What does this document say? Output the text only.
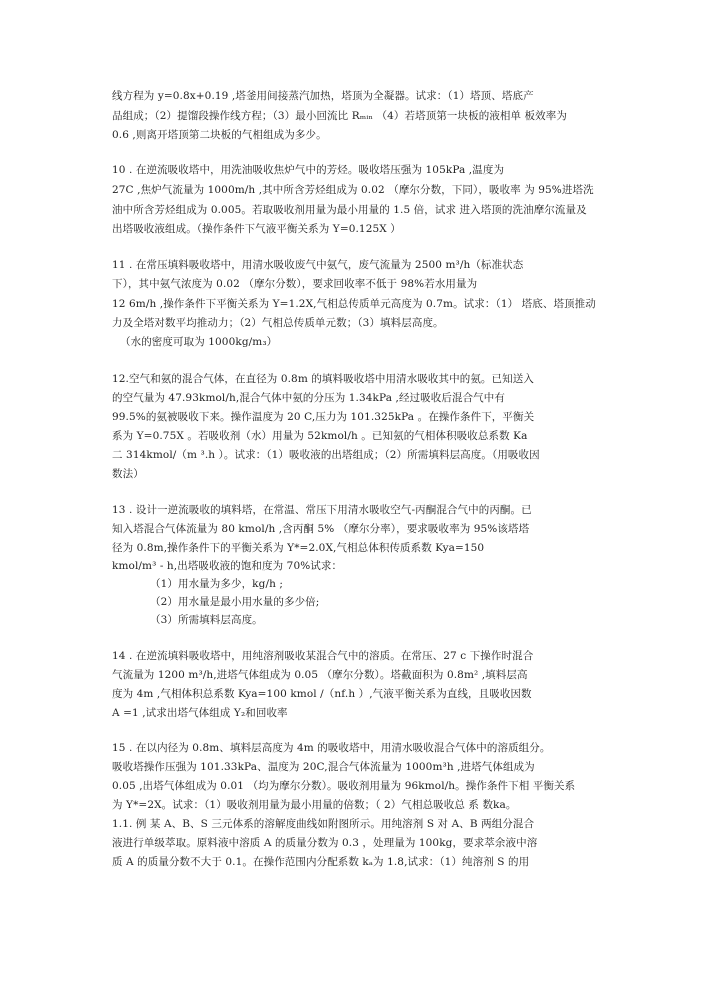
线方程为 y=0.8x+0.19 ,塔釜用间接蒸汽加热，塔顶为全凝器。试求：（1）塔顶、塔底产
品组成；（2）提馏段操作线方程；（3）最小回流比 Rₘᵢₙ （4）若塔顶第一块板的液相单 板效率为
0.6 ,则离开塔顶第二块板的气相组成为多少。
10 . 在逆流吸收塔中，用洗油吸收焦炉气中的芳烃。吸收塔压强为 105kPa ,温度为
27C ,焦炉气流量为 1000m/h ,其中所含芳烃组成为 0.02 （摩尔分数，下同），吸收率 为 95%进塔洗
油中所含芳烃组成为 0.005。若取吸收剂用量为最小用量的 1.5 倍，试求 进入塔顶的洗油摩尔流量及
出塔吸收液组成。（操作条件下气液平衡关系为 Y=0.125X ）
11 . 在常压填料吸收塔中，用清水吸收废气中氨气，废气流量为 2500 m³/h（标准状态
下），其中氨气浓度为 0.02 （摩尔分数），要求回收率不低于 98%若水用量为
12 6m/h ,操作条件下平衡关系为 Y=1.2X,气相总传质单元高度为 0.7m。试求：（1） 塔底、塔顶推动
力及全塔对数平均推动力；（2）气相总传质单元数；（3）填料层高度。
（水的密度可取为 1000kg/m₃）
12.空气和氨的混合气体，在直径为 0.8m 的填料吸收塔中用清水吸收其中的氨。已知送入
的空气量为 47.93kmol/h,混合气体中氨的分压为 1.34kPa ,经过吸收后混合气中有
99.5%的氨被吸收下来。操作温度为 20 C,压力为 101.325kPa 。在操作条件下，平衡关
系为 Y=0.75X 。若吸收剂（水）用量为 52kmol/h 。已知氨的气相体积吸收总系数 Ka
二 314kmol/（m ³.h ）。试求：（1）吸收液的出塔组成；（2）所需填料层高度。（用吸收因
数法）
13 . 设计一逆流吸收的填料塔，在常温、常压下用清水吸收空气-丙酮混合气中的丙酮。已
知入塔混合气体流量为 80 kmol/h ,含丙酮 5% （摩尔分率），要求吸收率为 95%该塔塔
径为 0.8m,操作条件下的平衡关系为 Y*=2.0X,气相总体积传质系数 Kya=150
kmol/m³ - h,出塔吸收液的饱和度为 70%试求：
（1）用水量为多少，kg/h ;
（2）用水量是最小用水量的多少倍;
（3）所需填料层高度。
14 . 在逆流填料吸收塔中，用纯溶剂吸收某混合气中的溶质。在常压、27 c 下操作时混合
气流量为 1200 m³/h,进塔气体组成为 0.05 （摩尔分数）。塔截面积为 0.8m² ,填料层高
度为 4m ,气相体积总系数 Kya=100 kmol /（nf.h ）,气液平衡关系为直线，且吸收因数
A =1 ,试求出塔气体组成 Y₂和回收率
15 . 在以内径为 0.8m、填料层高度为 4m 的吸收塔中，用清水吸收混合气体中的溶质组分。
吸收塔操作压强为 101.33kPa、温度为 20C,混合气体流量为 1000m³h ,进塔气体组成为
0.05 ,出塔气体组成为 0.01 （均为摩尔分数）。吸收剂用量为 96kmol/h。操作条件下相 平衡关系
为 Y*=2X。试求：（1）吸收剂用量为最小用量的倍数；（ 2）气相总吸收总 系 数ka。
1.1. 例 某 A、B、S 三元体系的溶解度曲线如附图所示。用纯溶剂 S 对 A、B 两组分混合
液进行单级萃取。原料液中溶质 A 的质量分数为 0.3 ，处理量为 100kg，要求萃余液中溶
质 A 的质量分数不大于 0.1。在操作范围内分配系数 kₐ为 1.8,试求：（1）纯溶剂 S 的用
